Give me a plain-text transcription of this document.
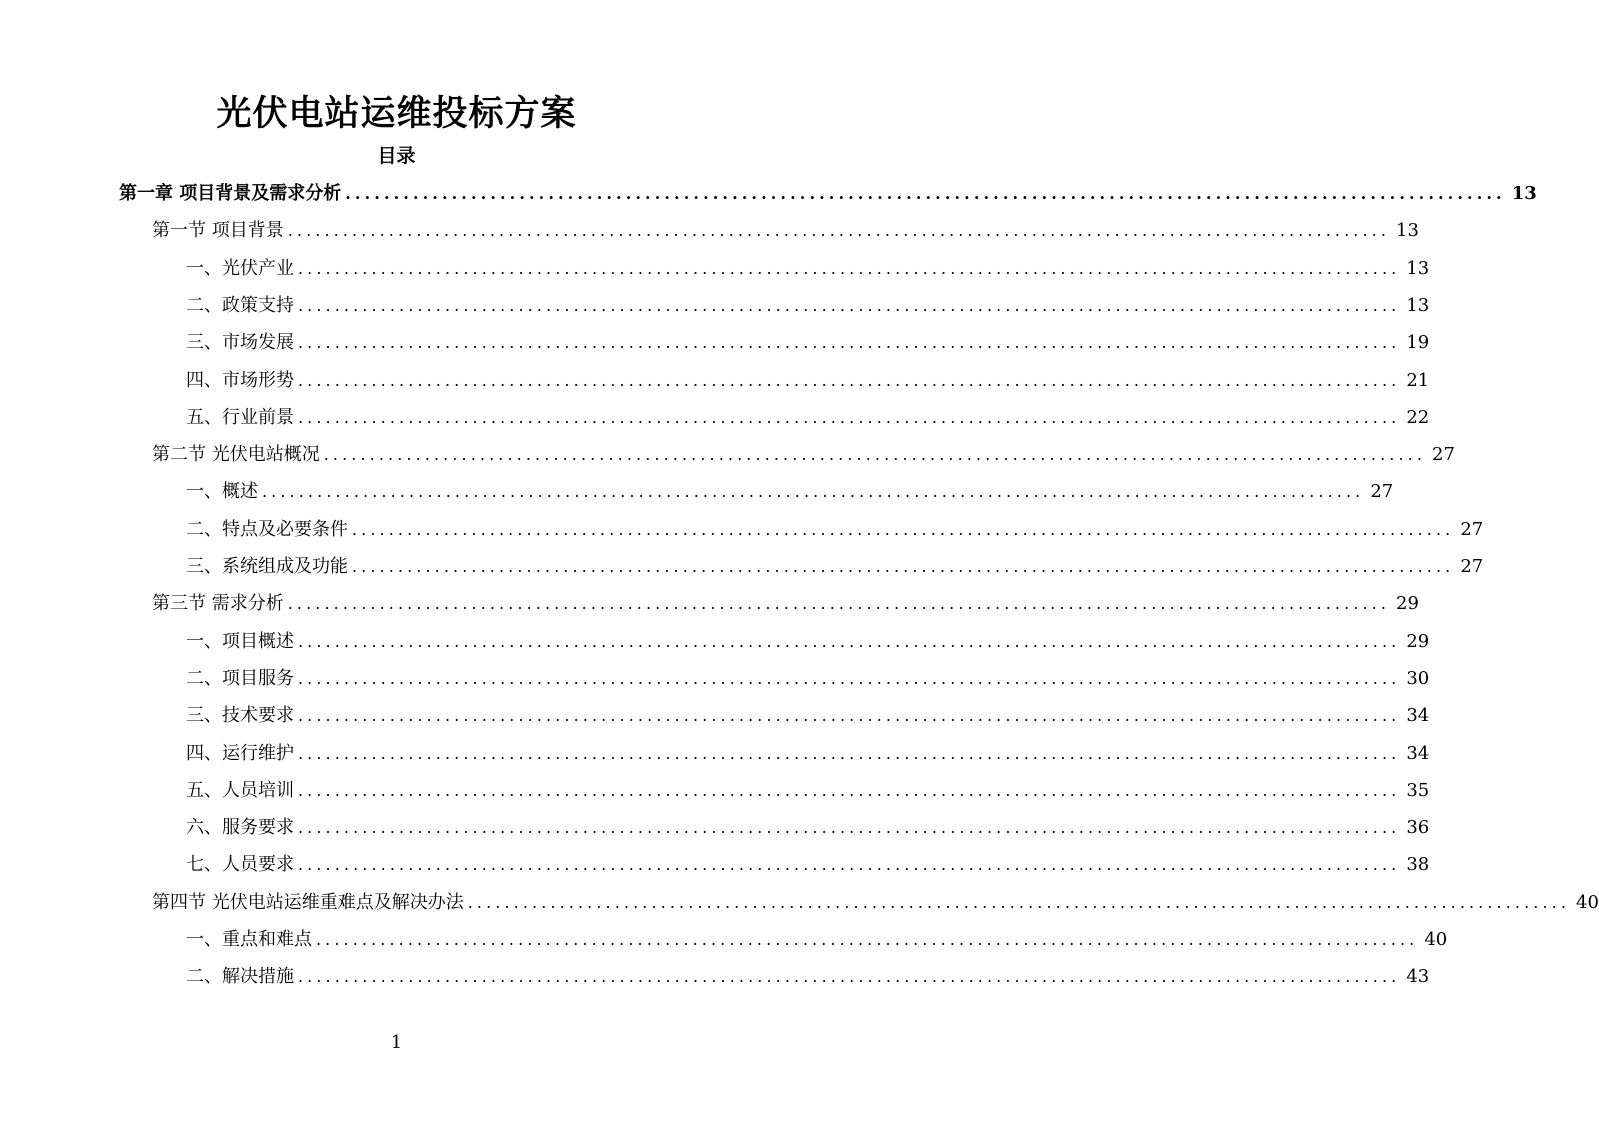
光伏电站运维投标方案
目录
第一章 项目背景及需求分析 ........................................................................................................................ 13
第一节 项目背景 ........................................................................................................................ 13
一、光伏产业 ........................................................................................................................ 13
二、政策支持 ........................................................................................................................ 13
三、市场发展 ........................................................................................................................ 19
四、市场形势 ........................................................................................................................ 21
五、行业前景 ........................................................................................................................ 22
第二节 光伏电站概况 ........................................................................................................................ 27
一、概述 ........................................................................................................................ 27
二、特点及必要条件 ........................................................................................................................ 27
三、系统组成及功能 ........................................................................................................................ 27
第三节 需求分析 ........................................................................................................................ 29
一、项目概述 ........................................................................................................................ 29
二、项目服务 ........................................................................................................................ 30
三、技术要求 ........................................................................................................................ 34
四、运行维护 ........................................................................................................................ 34
五、人员培训 ........................................................................................................................ 35
六、服务要求 ........................................................................................................................ 36
七、人员要求 ........................................................................................................................ 38
第四节 光伏电站运维重难点及解决办法 ........................................................................................................................ 40
一、重点和难点 ........................................................................................................................ 40
二、解决措施 ........................................................................................................................ 43
1
